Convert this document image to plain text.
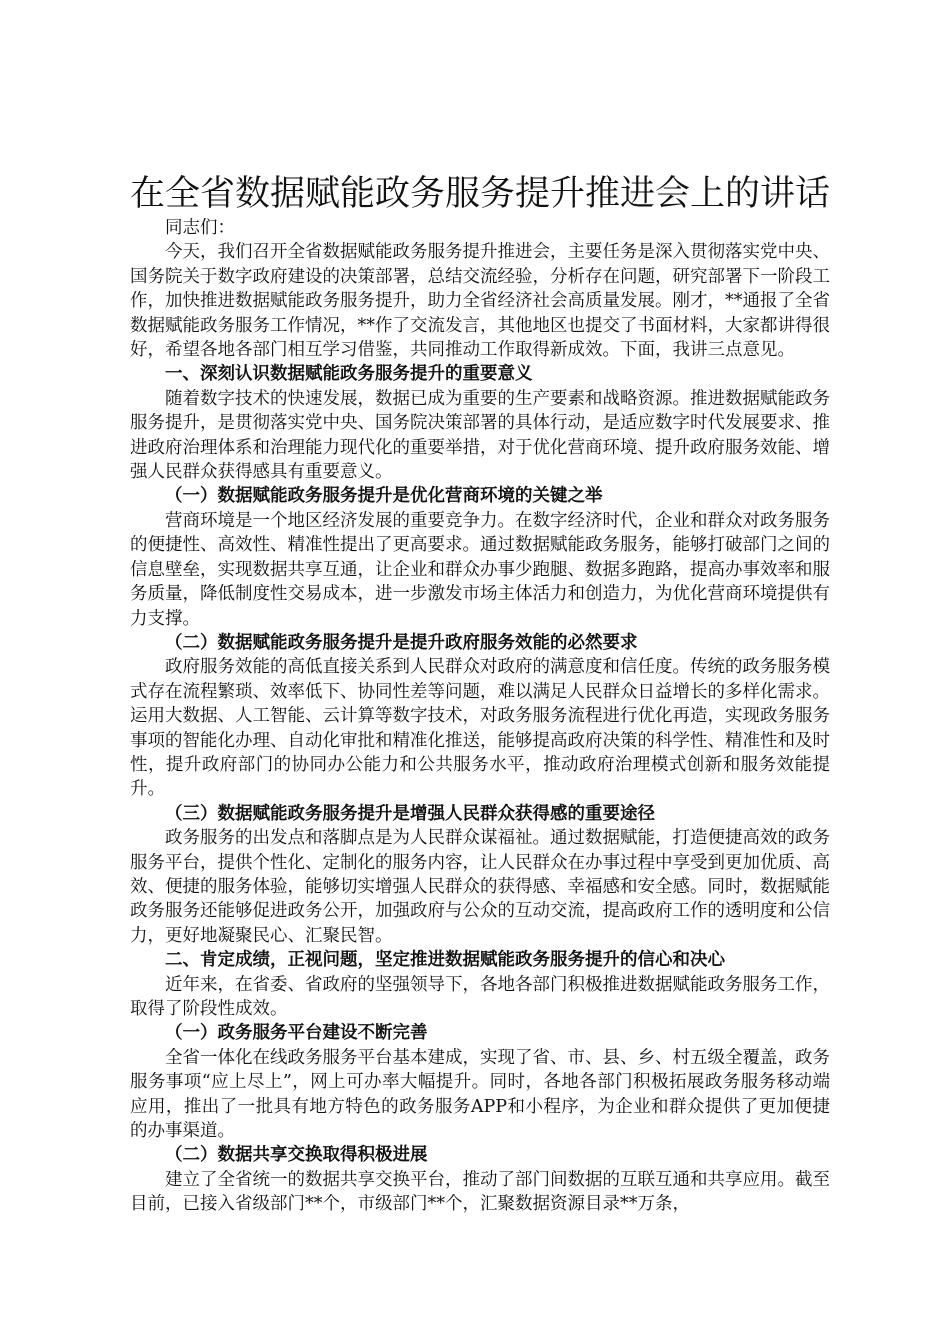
在全省数据赋能政务服务提升推进会上的讲话

同志们：

今天，我们召开全省数据赋能政务服务提升推进会，主要任务是深入贯彻落实党中央、国务院关于数字政府建设的决策部署，总结交流经验，分析存在问题，研究部署下一阶段工作，加快推进数据赋能政务服务提升，助力全省经济社会高质量发展。刚才，**通报了全省数据赋能政务服务工作情况，**作了交流发言，其他地区也提交了书面材料，大家都讲得很好，希望各地各部门相互学习借鉴，共同推动工作取得新成效。下面，我讲三点意见。

一、深刻认识数据赋能政务服务提升的重要意义

随着数字技术的快速发展，数据已成为重要的生产要素和战略资源。推进数据赋能政务服务提升，是贯彻落实党中央、国务院决策部署的具体行动，是适应数字时代发展要求、推进政府治理体系和治理能力现代化的重要举措，对于优化营商环境、提升政府服务效能、增强人民群众获得感具有重要意义。

（一）数据赋能政务服务提升是优化营商环境的关键之举

营商环境是一个地区经济发展的重要竞争力。在数字经济时代，企业和群众对政务服务的便捷性、高效性、精准性提出了更高要求。通过数据赋能政务服务，能够打破部门之间的信息壁垒，实现数据共享互通，让企业和群众办事少跑腿、数据多跑路，提高办事效率和服务质量，降低制度性交易成本，进一步激发市场主体活力和创造力，为优化营商环境提供有力支撑。

（二）数据赋能政务服务提升是提升政府服务效能的必然要求

政府服务效能的高低直接关系到人民群众对政府的满意度和信任度。传统的政务服务模式存在流程繁琐、效率低下、协同性差等问题，难以满足人民群众日益增长的多样化需求。运用大数据、人工智能、云计算等数字技术，对政务服务流程进行优化再造，实现政务服务事项的智能化办理、自动化审批和精准化推送，能够提高政府决策的科学性、精准性和及时性，提升政府部门的协同办公能力和公共服务水平，推动政府治理模式创新和服务效能提升。

（三）数据赋能政务服务提升是增强人民群众获得感的重要途径

政务服务的出发点和落脚点是为人民群众谋福祉。通过数据赋能，打造便捷高效的政务服务平台，提供个性化、定制化的服务内容，让人民群众在办事过程中享受到更加优质、高效、便捷的服务体验，能够切实增强人民群众的获得感、幸福感和安全感。同时，数据赋能政务服务还能够促进政务公开，加强政府与公众的互动交流，提高政府工作的透明度和公信力，更好地凝聚民心、汇聚民智。

二、肯定成绩，正视问题，坚定推进数据赋能政务服务提升的信心和决心

近年来，在省委、省政府的坚强领导下，各地各部门积极推进数据赋能政务服务工作，取得了阶段性成效。

（一）政务服务平台建设不断完善

全省一体化在线政务服务平台基本建成，实现了省、市、县、乡、村五级全覆盖，政务服务事项“应上尽上”，网上可办率大幅提升。同时，各地各部门积极拓展政务服务移动端应用，推出了一批具有地方特色的政务服务APP和小程序，为企业和群众提供了更加便捷的办事渠道。

（二）数据共享交换取得积极进展

建立了全省统一的数据共享交换平台，推动了部门间数据的互联互通和共享应用。截至目前，已接入省级部门**个，市级部门**个，汇聚数据资源目录**万条，
